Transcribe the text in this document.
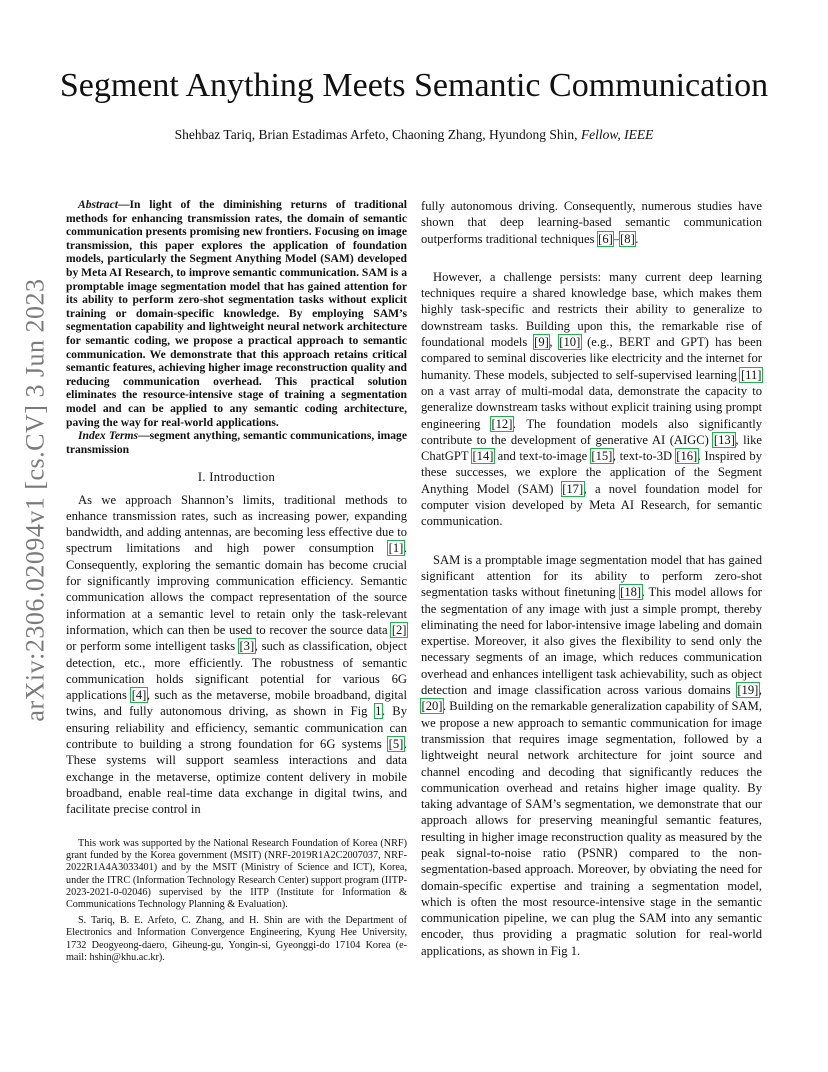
arXiv:2306.02094v1 [cs.CV] 3 Jun 2023
Segment Anything Meets Semantic Communication
Shehbaz Tariq, Brian Estadimas Arfeto, Chaoning Zhang, Hyundong Shin, Fellow, IEEE

Abstract—In light of the diminishing returns of traditional methods for enhancing transmission rates, the domain of semantic communication presents promising new frontiers. Focusing on image transmission, this paper explores the application of foundation models, particularly the Segment Anything Model (SAM) developed by Meta AI Research, to improve semantic communication. SAM is a promptable image segmentation model that has gained attention for its ability to perform zero-shot segmentation tasks without explicit training or domain-specific knowledge. By employing SAM’s segmentation capability and lightweight neural network architecture for semantic coding, we propose a practical approach to semantic communication. We demonstrate that this approach retains critical semantic features, achieving higher image reconstruction quality and reducing communication overhead. This practical solution eliminates the resource-intensive stage of training a segmentation model and can be applied to any semantic coding architecture, paving the way for real-world applications.

Index Terms—segment anything, semantic communications, image transmission

I. Introduction

As we approach Shannon’s limits, traditional methods to enhance transmission rates, such as increasing power, expanding bandwidth, and adding antennas, are becoming less effective due to spectrum limitations and high power consumption [1]. Consequently, exploring the semantic domain has become crucial for significantly improving communication efficiency. Semantic communication allows the compact representation of the source information at a semantic level to retain only the task-relevant information, which can then be used to recover the source data [2] or perform some intelligent tasks [3], such as classification, object detection, etc., more efficiently. The robustness of semantic communication holds significant potential for various 6G applications [4], such as the metaverse, mobile broadband, digital twins, and fully autonomous driving, as shown in Fig 1. By ensuring reliability and efficiency, semantic communication can contribute to building a strong foundation for 6G systems [5]. These systems will support seamless interactions and data exchange in the metaverse, optimize content delivery in mobile broadband, enable real-time data exchange in digital twins, and facilitate precise control in

This work was supported by the National Research Foundation of Korea (NRF) grant funded by the Korea government (MSIT) (NRF-2019R1A2C2007037, NRF-2022R1A4A3033401) and by the MSIT (Ministry of Science and ICT), Korea, under the ITRC (Information Technology Research Center) support program (IITP-2023-2021-0-02046) supervised by the IITP (Institute for Information & Communications Technology Planning & Evaluation).

S. Tariq, B. E. Arfeto, C. Zhang, and H. Shin are with the Department of Electronics and Information Convergence Engineering, Kyung Hee University, 1732 Deogyeong-daero, Giheung-gu, Yongin-si, Gyeonggi-do 17104 Korea (e-mail: hshin@khu.ac.kr).

fully autonomous driving. Consequently, numerous studies have shown that deep learning-based semantic communication outperforms traditional techniques [6]–[8].

However, a challenge persists: many current deep learning techniques require a shared knowledge base, which makes them highly task-specific and restricts their ability to generalize to downstream tasks. Building upon this, the remarkable rise of foundational models [9], [10] (e.g., BERT and GPT) has been compared to seminal discoveries like electricity and the internet for humanity. These models, subjected to self-supervised learning [11] on a vast array of multi-modal data, demonstrate the capacity to generalize downstream tasks without explicit training using prompt engineering [12]. The foundation models also significantly contribute to the development of generative AI (AIGC) [13], like ChatGPT [14] and text-to-image [15], text-to-3D [16]. Inspired by these successes, we explore the application of the Segment Anything Model (SAM) [17], a novel foundation model for computer vision developed by Meta AI Research, for semantic communication.

SAM is a promptable image segmentation model that has gained significant attention for its ability to perform zero-shot segmentation tasks without finetuning [18]. This model allows for the segmentation of any image with just a simple prompt, thereby eliminating the need for labor-intensive image labeling and domain expertise. Moreover, it also gives the flexibility to send only the necessary segments of an image, which reduces communication overhead and enhances intelligent task achievability, such as object detection and image classification across various domains [19], [20]. Building on the remarkable generalization capability of SAM, we propose a new approach to semantic communication for image transmission that requires image segmentation, followed by a lightweight neural network architecture for joint source and channel encoding and decoding that significantly reduces the communication overhead and retains higher image quality. By taking advantage of SAM’s segmentation, we demonstrate that our approach allows for preserving meaningful semantic features, resulting in higher image reconstruction quality as measured by the peak signal-to-noise ratio (PSNR) compared to the non-segmentation-based approach. Moreover, by obviating the need for domain-specific expertise and training a segmentation model, which is often the most resource-intensive stage in the semantic communication pipeline, we can plug the SAM into any semantic encoder, thus providing a pragmatic solution for real-world applications, as shown in Fig 1.
